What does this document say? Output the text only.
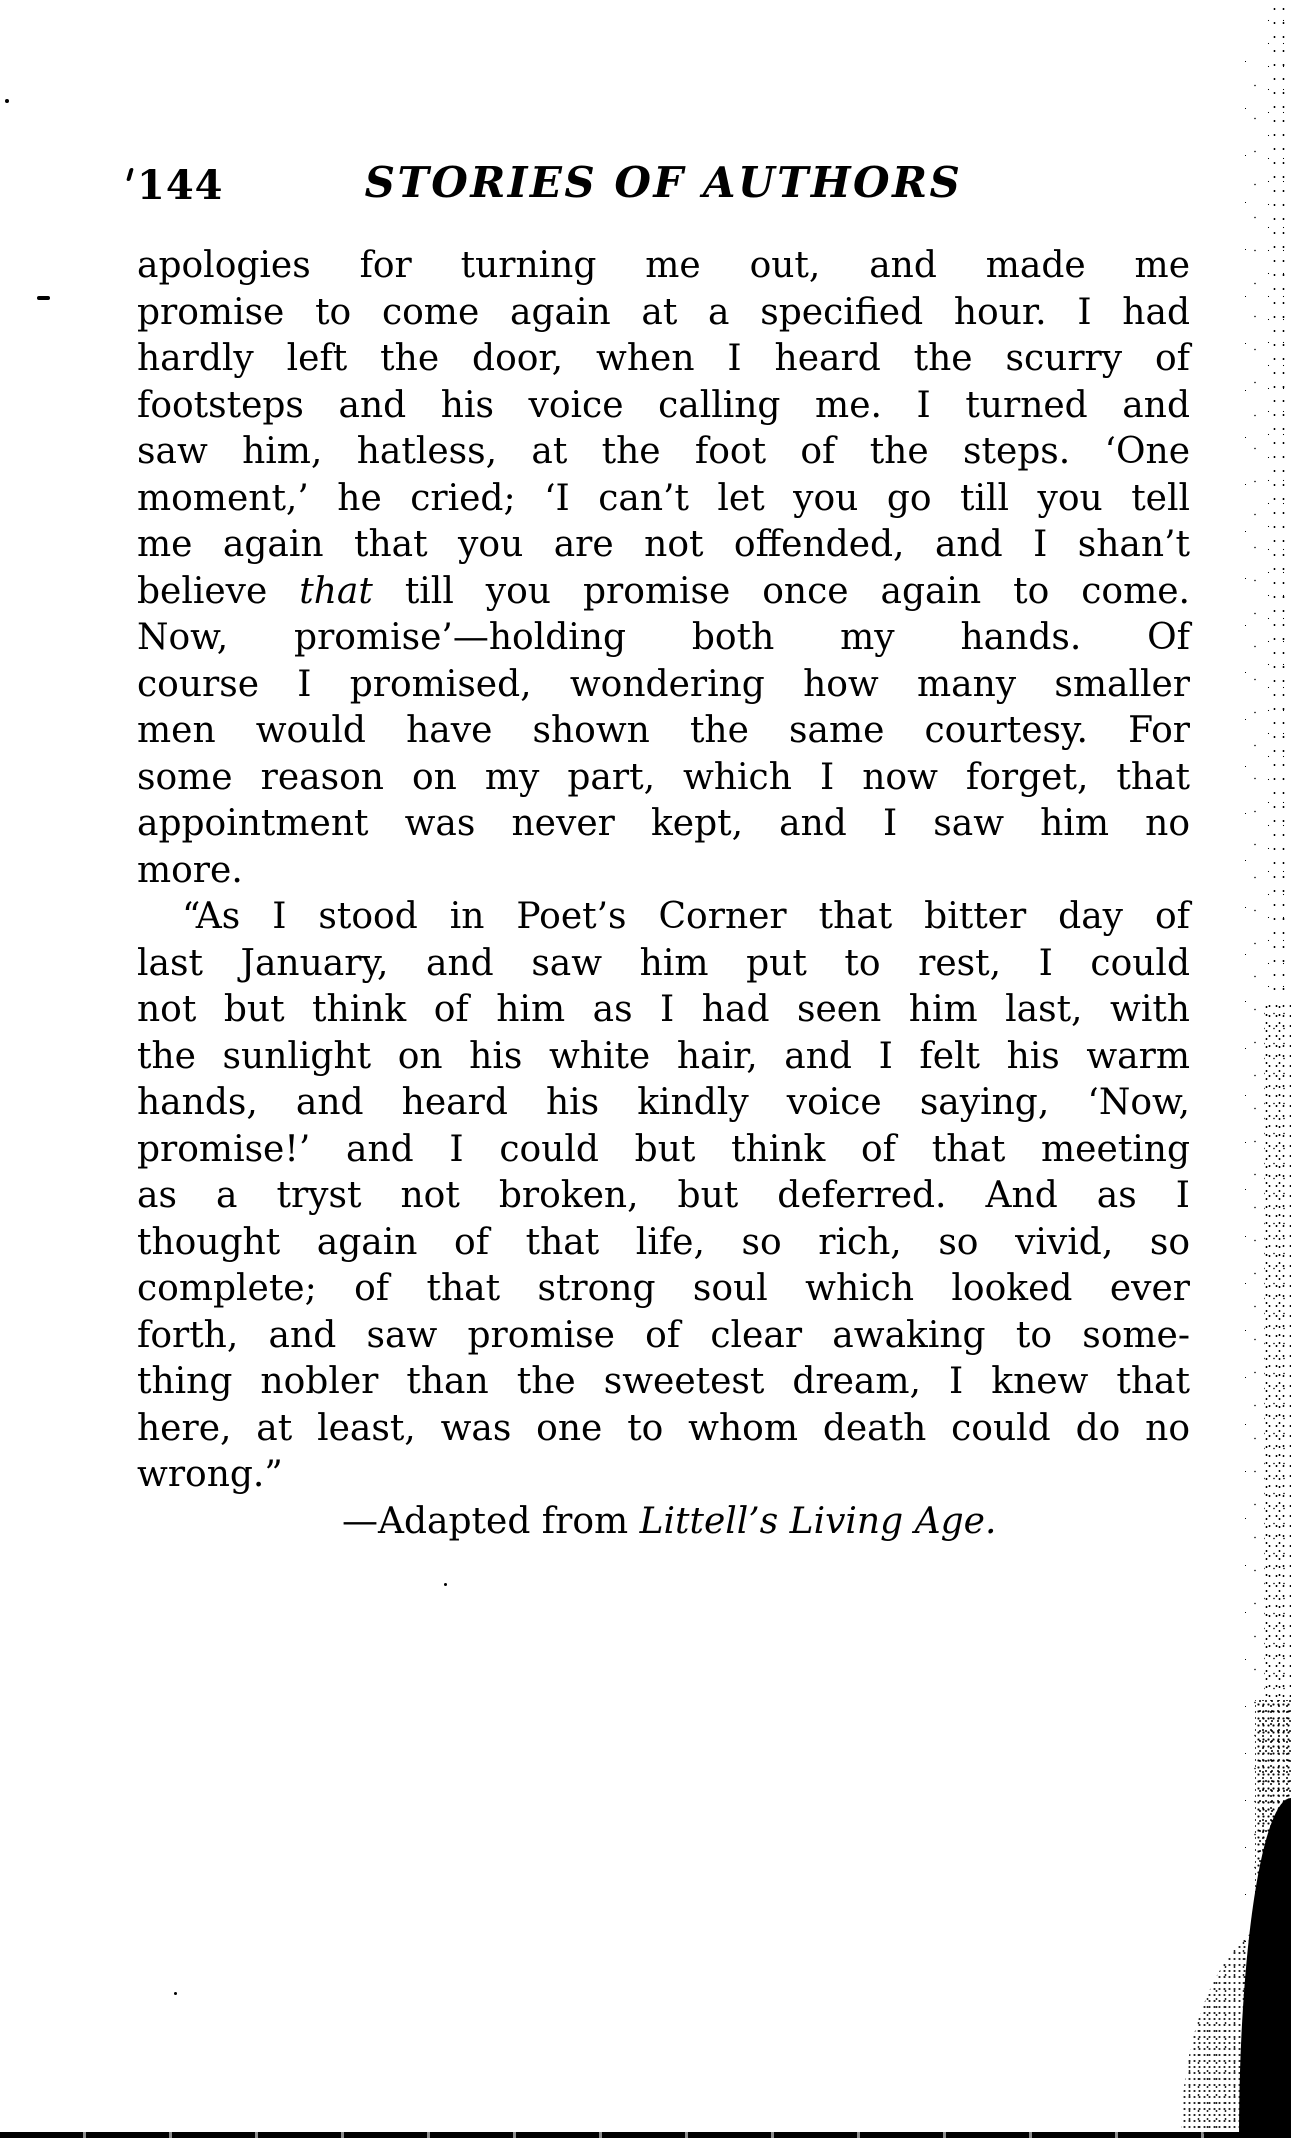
144	STORIES OF AUTHORS
apologies for turning me out, and made me
promise to come again at a specified hour. I had
hardly left the door, when I heard the scurry of
footsteps and his voice calling me. I turned and
saw him, hatless, at the foot of the steps. ‘One
moment,’ he cried; ‘I can’t let you go till you tell
me again that you are not offended, and I shan’t
believe that till you promise once again to come.
Now, promise’—holding both my hands. Of
course I promised, wondering how many smaller
men would have shown the same courtesy. For
some reason on my part, which I now forget, that
appointment was never kept, and I saw him no
more.
“As I stood in Poet’s Corner that bitter day of
last January, and saw him put to rest, I could
not but think of him as I had seen him last, with
the sunlight on his white hair, and I felt his warm
hands, and heard his kindly voice saying, ‘Now,
promise!’ and I could but think of that meeting
as a tryst not broken, but deferred. And as I
thought again of that life, so rich, so vivid, so
complete; of that strong soul which looked ever
forth, and saw promise of clear awaking to some-
thing nobler than the sweetest dream, I knew that
here, at least, was one to whom death could do no
wrong.”
—Adapted from Littell’s Living Age.
